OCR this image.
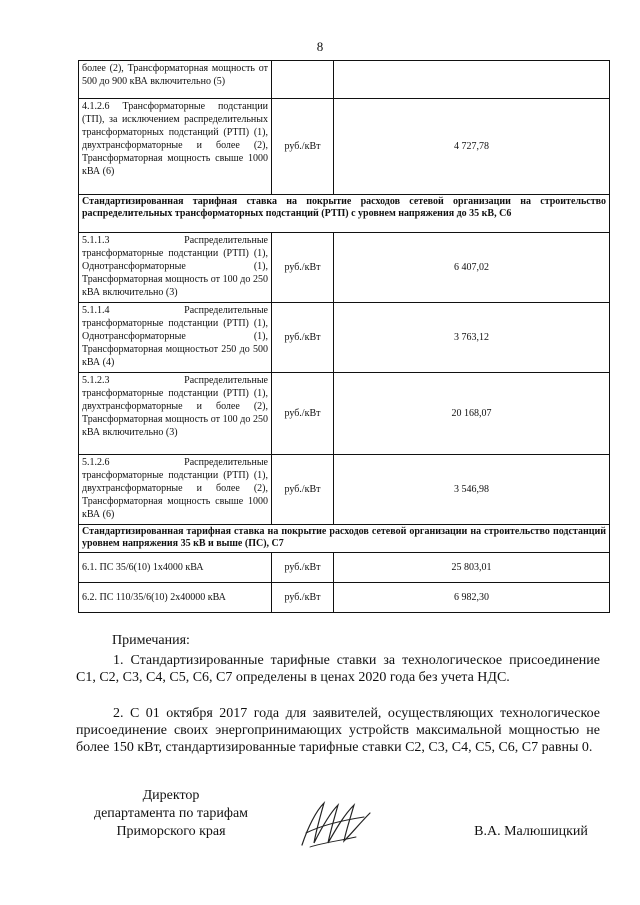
8
более (2), Трансформаторная мощность от 500 до 900 кВА включительно (5)		
4.1.2.6 Трансформаторные подстанции (ТП), за исключением распределительных трансформаторных подстанций (РТП) (1), двухтрансформаторные и более (2), Трансформаторная мощность свыше 1000 кВА (6)	руб./кВт	4 727,78
Стандартизированная тарифная ставка на покрытие расходов сетевой организации на строительство распределительных трансформаторных подстанций (РТП) с уровнем напряжения до 35 кВ, С6		
5.1.1.3 Распределительные трансформаторные подстанции (РТП) (1), Однотрансформаторные (1), Трансформаторная мощность от 100 до 250 кВА включительно (3)	руб./кВт	6 407,02
5.1.1.4 Распределительные трансформаторные подстанции (РТП) (1), Однотрансформаторные (1), Трансформаторная мощностьот 250 до 500 кВА (4)	руб./кВт	3 763,12
5.1.2.3 Распределительные трансформаторные подстанции (РТП) (1), двухтрансформаторные и более (2), Трансформаторная мощность от 100 до 250 кВА включительно (3)	руб./кВт	20 168,07
5.1.2.6 Распределительные трансформаторные подстанции (РТП) (1), двухтрансформаторные и более (2), Трансформаторная мощность свыше 1000 кВА (6)	руб./кВт	3 546,98
Стандартизированная тарифная ставка на покрытие расходов сетевой организации на строительство подстанций уровнем напряжения 35 кВ и выше (ПС), С7		
6.1. ПС 35/6(10) 1x4000 кВА	руб./кВт	25 803,01
6.2. ПС 110/35/6(10) 2x40000 кВА	руб./кВт	6 982,30
Примечания:
1. Стандартизированные тарифные ставки за технологическое присоединение С1, С2, С3, С4, С5, С6, С7 определены в ценах 2020 года без учета НДС.
2. С 01 октября 2017 года для заявителей, осуществляющих технологическое присоединение своих энергопринимающих устройств максимальной мощностью не более 150 кВт, стандартизированные тарифные ставки С2, С3, С4, С5, С6, С7 равны 0.
Директор
департамента по тарифам
Приморского края	В.А. Малюшицкий
